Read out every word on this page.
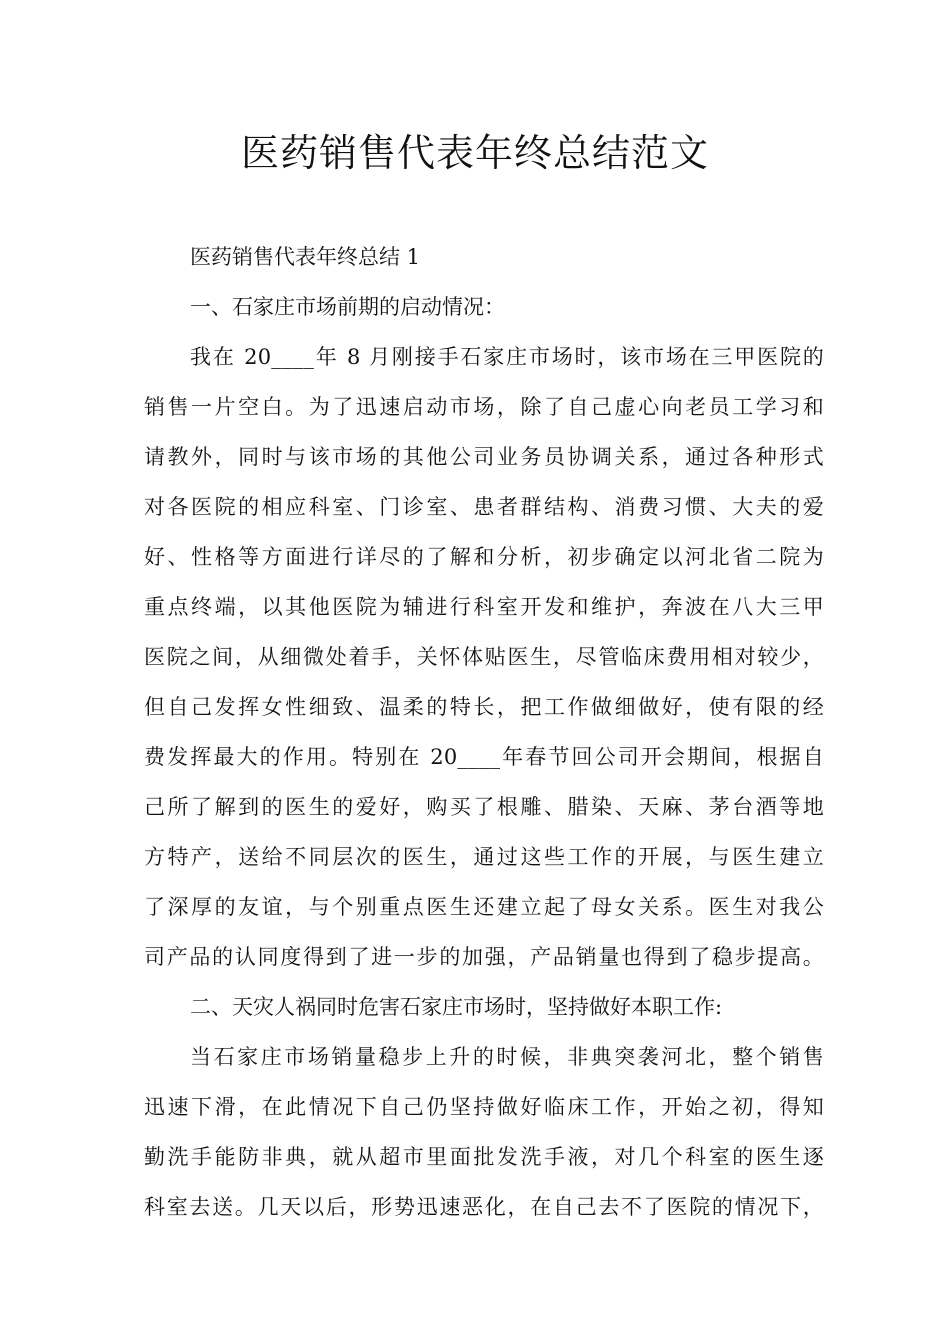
医药销售代表年终总结范文
医药销售代表年终总结 1
一、石家庄市场前期的启动情况：
我在 20____年 8 月刚接手石家庄市场时，该市场在三甲医院的
销售一片空白。为了迅速启动市场，除了自己虚心向老员工学习和
请教外，同时与该市场的其他公司业务员协调关系，通过各种形式
对各医院的相应科室、门诊室、患者群结构、消费习惯、大夫的爱
好、性格等方面进行详尽的了解和分析，初步确定以河北省二院为
重点终端，以其他医院为辅进行科室开发和维护，奔波在八大三甲
医院之间，从细微处着手，关怀体贴医生，尽管临床费用相对较少，
但自己发挥女性细致、温柔的特长，把工作做细做好，使有限的经
费发挥最大的作用。特别在 20____年春节回公司开会期间，根据自
己所了解到的医生的爱好，购买了根雕、腊染、天麻、茅台酒等地
方特产，送给不同层次的医生，通过这些工作的开展，与医生建立
了深厚的友谊，与个别重点医生还建立起了母女关系。医生对我公
司产品的认同度得到了进一步的加强，产品销量也得到了稳步提高。
二、天灾人祸同时危害石家庄市场时，坚持做好本职工作:
当石家庄市场销量稳步上升的时候，非典突袭河北，整个销售
迅速下滑，在此情况下自己仍坚持做好临床工作，开始之初，得知
勤洗手能防非典，就从超市里面批发洗手液，对几个科室的医生逐
科室去送。几天以后，形势迅速恶化，在自己去不了医院的情况下，
